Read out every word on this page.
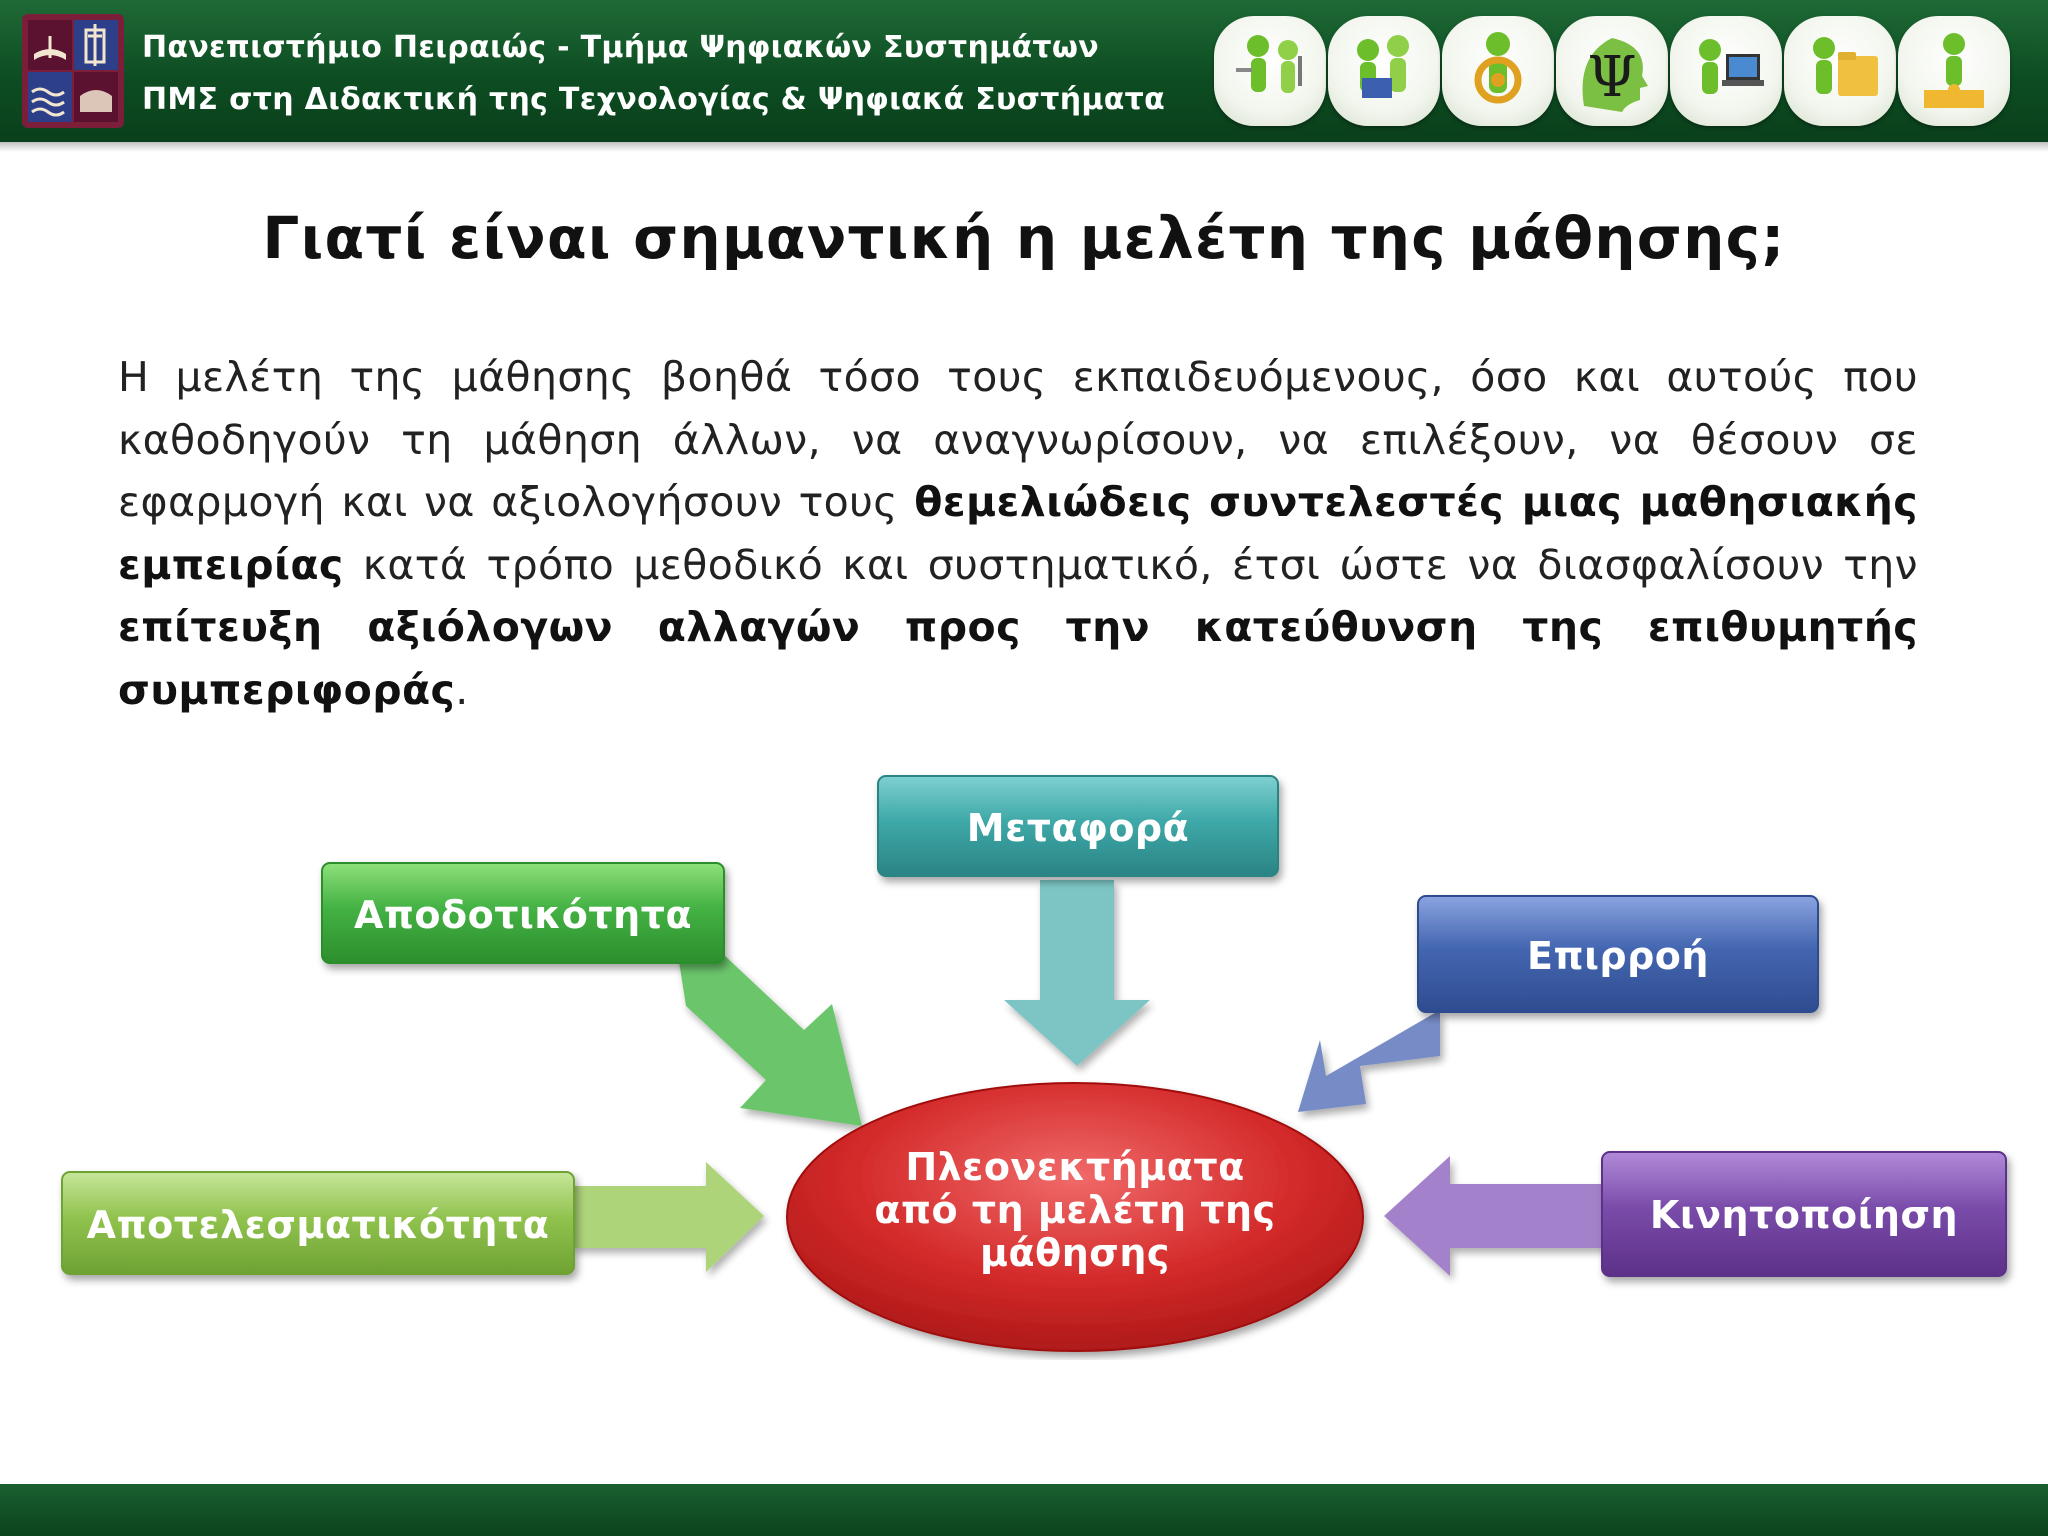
Πανεπιστήμιο Πειραιώς - Τμήμα Ψηφιακών Συστημάτων
ΠΜΣ στη Διδακτική της Τεχνολογίας & Ψηφιακά Συστήματα	Ψ
Γιατί είναι σημαντική η μελέτη της μάθησης;
Η μελέτη της μάθησης βοηθά τόσο τους εκπαιδευόμενους, όσο και αυτούς που καθοδηγούν τη μάθηση άλλων, να αναγνωρίσουν, να επιλέξουν, να θέσουν σε εφαρμογή και να αξιολογήσουν τους θεμελιώδεις συντελεστές μιας μαθησιακής εμπειρίας κατά τρόπο μεθοδικό και συστηματικό, έτσι ώστε να διασφαλίσουν την επίτευξη αξιόλογων αλλαγών προς την κατεύθυνση της επιθυμητής συμπεριφοράς.
Μεταφορά
Αποδοτικότητα
Επιρροή
Αποτελεσματικότητα	Κινητοποίηση
Πλεονεκτήματα
από τη μελέτη της
μάθησης
